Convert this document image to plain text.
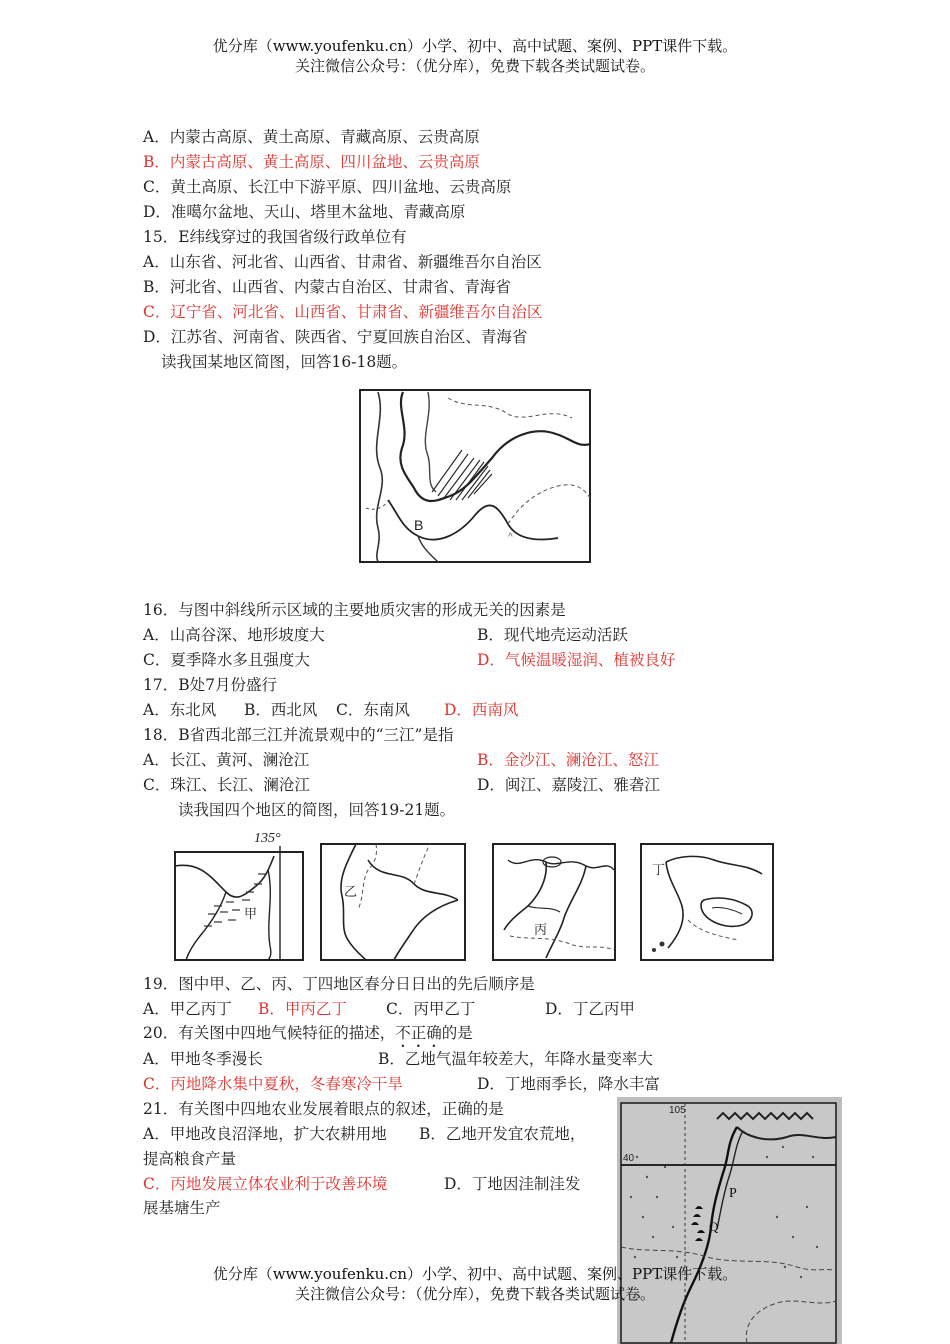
优分库（www.youfenku.cn）小学、初中、高中试题、案例、PPT课件下载。
关注微信公众号：（优分库），免费下载各类试题试卷。
A．内蒙古高原、黄土高原、青藏高原、云贵高原
B．内蒙古高原、黄土高原、四川盆地、云贵高原
C．黄土高原、长江中下游平原、四川盆地、云贵高原
D．准噶尔盆地、天山、塔里木盆地、青藏高原
15．E纬线穿过的我国省级行政单位有
A．山东省、河北省、山西省、甘肃省、新疆维吾尔自治区
B．河北省、山西省、内蒙古自治区、甘肃省、青海省
C．辽宁省、河北省、山西省、甘肃省、新疆维吾尔自治区
D．江苏省、河南省、陕西省、宁夏回族自治区、青海省
读我国某地区简图，回答16-18题。
B
^
16．与图中斜线所示区域的主要地质灾害的形成无关的因素是
A．山高谷深、地形坡度大	B．现代地壳运动活跃
C．夏季降水多且强度大	D．气候温暖湿润、植被良好
17．B处7月份盛行
A．东北风 B．西北风 C．东南风 D．西南风
18．B省西北部三江并流景观中的“三江”是指
A．长江、黄河、澜沧江	B．金沙江、澜沧江、怒江
C．珠江、长江、澜沧江	D．闽江、嘉陵江、雅砻江
读我国四个地区的简图，回答19-21题。
135°
甲
乙
丙
丁
19．图中甲、乙、丙、丁四地区春分日日出的先后顺序是
A．甲乙丙丁 B．甲丙乙丁	C．丙甲乙丁	D．丁乙丙甲
20．有关图中四地气候特征的描述，不正确的是
A．甲地冬季漫长	B．乙地气温年较差大，年降水量变率大
C．丙地降水集中夏秋，冬春寒冷干旱	D．丁地雨季长，降水丰富
21．有关图中四地农业发展着眼点的叙述，正确的是
A．甲地改良沼泽地，扩大农耕用地 B．乙地开发宜农荒地，
提高粮食产量
C．丙地发展立体农业利于改善环境	D．丁地因洼制洼发
展基塘生产
105
40
P
Q
优分库（www.youfenku.cn）小学、初中、高中试题、案例、PPT课件下载。
关注微信公众号：（优分库），免费下载各类试题试卷。
